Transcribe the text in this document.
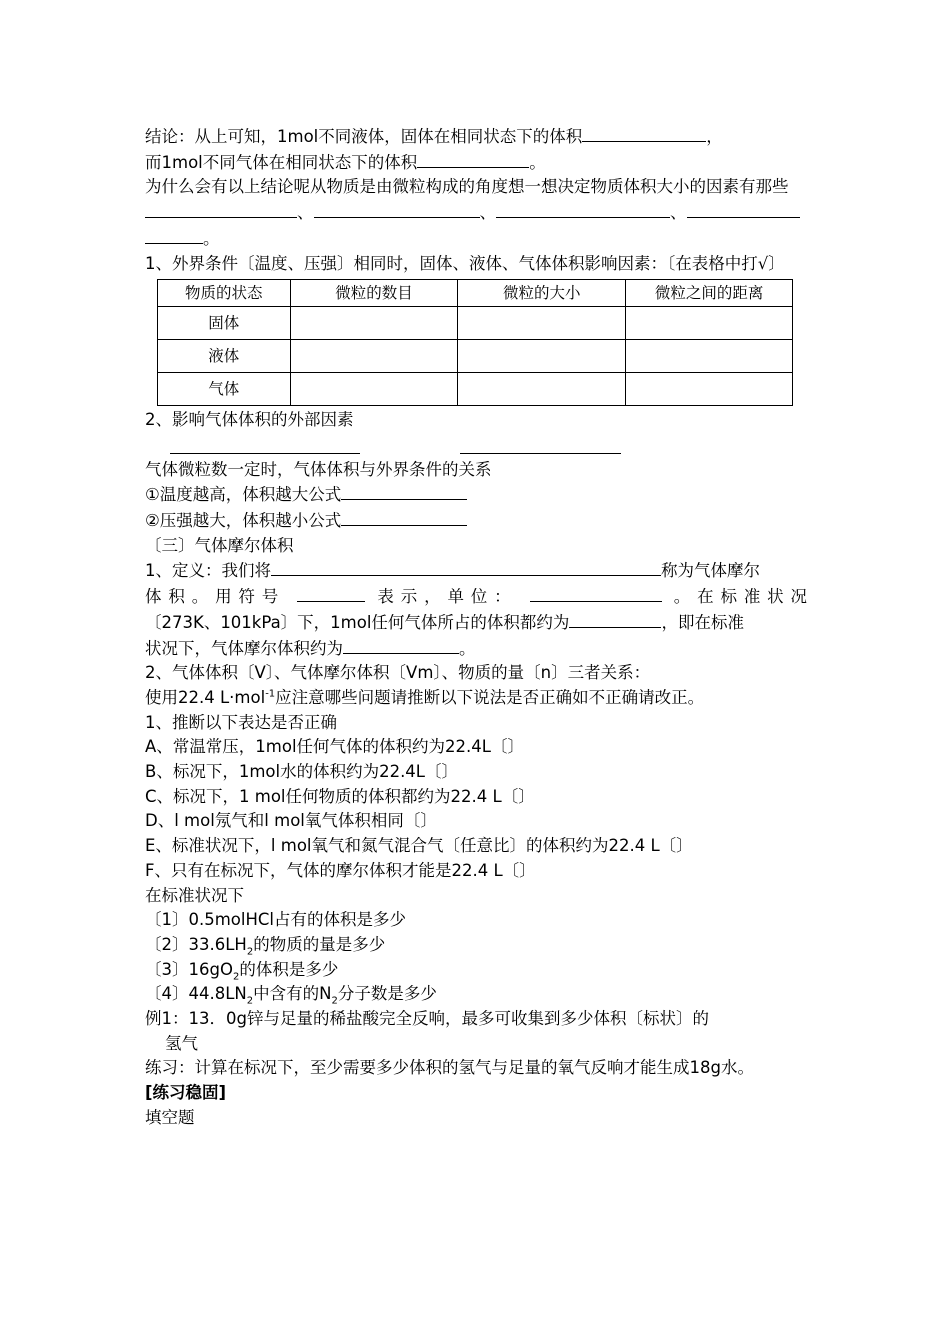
结论：从上可知，1mol不同液体，固体在相同状态下的体积	，

而1mol不同气体在相同状态下的体积	。

为什么会有以上结论呢从物质是由微粒构成的角度想一想决定物质体积大小的因素有那些

、	、	、

。

1、外界条件〔温度、压强〕相同时，固体、液体、气体体积影响因素：〔在表格中打√〕

物质的状态	微粒的数目	微粒的大小	微粒之间的距离
固体			
液体			
气体			

2、影响气体体积的外部因素

气体微粒数一定时，气体体积与外界条件的关系

①温度越高，体积越大公式

②压强越大，体积越小公式

〔三〕气体摩尔体积

1、定义：我们将	称为气体摩尔

体积。用符号	表示，单位：	。在标准状况

〔273K、101kPa〕下，1mol任何气体所占的体积都约为	，即在标准

状况下，气体摩尔体积约为	。

2、气体体积〔V〕、气体摩尔体积〔Vm〕、物质的量〔n〕三者关系：

使用22.4 L·mol$^{-1}$应注意哪些问题请推断以下说法是否正确如不正确请改正。

1、推断以下表达是否正确

A、常温常压，1mol任何气体的体积约为22.4L〔〕

B、标况下，1mol水的体积约为22.4L〔〕

C、标况下，1 mol任何物质的体积都约为22.4 L〔〕

D、l mol氖气和l mol氧气体积相同〔〕

E、标准状况下，l mol氧气和氮气混合气〔任意比〕的体积约为22.4 L〔〕

F、只有在标况下，气体的摩尔体积才能是22.4 L〔〕

在标准状况下

〔1〕0.5molHCl占有的体积是多少

〔2〕$33.6LH_2$的物质的量是多少

〔3〕$16gO_2$的体积是多少

〔4〕$44.8LN_2$中含有的$N_2$分子数是多少

例1：13．0g锌与足量的稀盐酸完全反响，最多可收集到多少体积〔标状〕的

氢气

练习：计算在标况下，至少需要多少体积的氢气与足量的氧气反响才能生成18g水。

[练习稳固]

填空题
